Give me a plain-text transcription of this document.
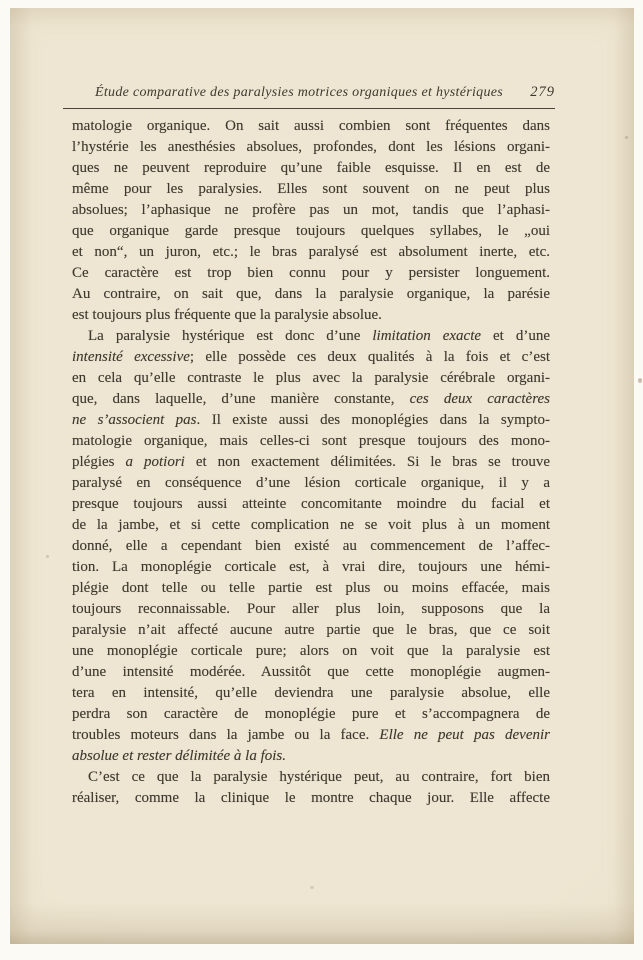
Étude comparative des paralysies motrices organiques et hystériques 279
matologie organique. On sait aussi combien sont fréquentes dans
l’hystérie les anesthésies absolues, profondes, dont les lésions organi-
ques ne peuvent reproduire qu’une faible esquisse. Il en est de
même pour les paralysies. Elles sont souvent on ne peut plus
absolues; l’aphasique ne profère pas un mot, tandis que l’aphasi-
que organique garde presque toujours quelques syllabes, le „oui
et non“, un juron, etc.; le bras paralysé est absolument inerte, etc.
Ce caractère est trop bien connu pour y persister longuement.
Au contraire, on sait que, dans la paralysie organique, la parésie
est toujours plus fréquente que la paralysie absolue.
La paralysie hystérique est donc d’une limitation exacte et d’une
intensité excessive; elle possède ces deux qualités à la fois et c’est
en cela qu’elle contraste le plus avec la paralysie cérébrale organi-
que, dans laquelle, d’une manière constante, ces deux caractères
ne s’associent pas. Il existe aussi des monoplégies dans la sympto-
matologie organique, mais celles-ci sont presque toujours des mono-
plégies a potiori et non exactement délimitées. Si le bras se trouve
paralysé en conséquence d’une lésion corticale organique, il y a
presque toujours aussi atteinte concomitante moindre du facial et
de la jambe, et si cette complication ne se voit plus à un moment
donné, elle a cependant bien existé au commencement de l’affec-
tion. La monoplégie corticale est, à vrai dire, toujours une hémi-
plégie dont telle ou telle partie est plus ou moins effacée, mais
toujours reconnaissable. Pour aller plus loin, supposons que la
paralysie n’ait affecté aucune autre partie que le bras, que ce soit
une monoplégie corticale pure; alors on voit que la paralysie est
d’une intensité modérée. Aussitôt que cette monoplégie augmen-
tera en intensité, qu’elle deviendra une paralysie absolue, elle
perdra son caractère de monoplégie pure et s’accompagnera de
troubles moteurs dans la jambe ou la face. Elle ne peut pas devenir
absolue et rester délimitée à la fois.
C’est ce que la paralysie hystérique peut, au contraire, fort bien
réaliser, comme la clinique le montre chaque jour. Elle affecte
